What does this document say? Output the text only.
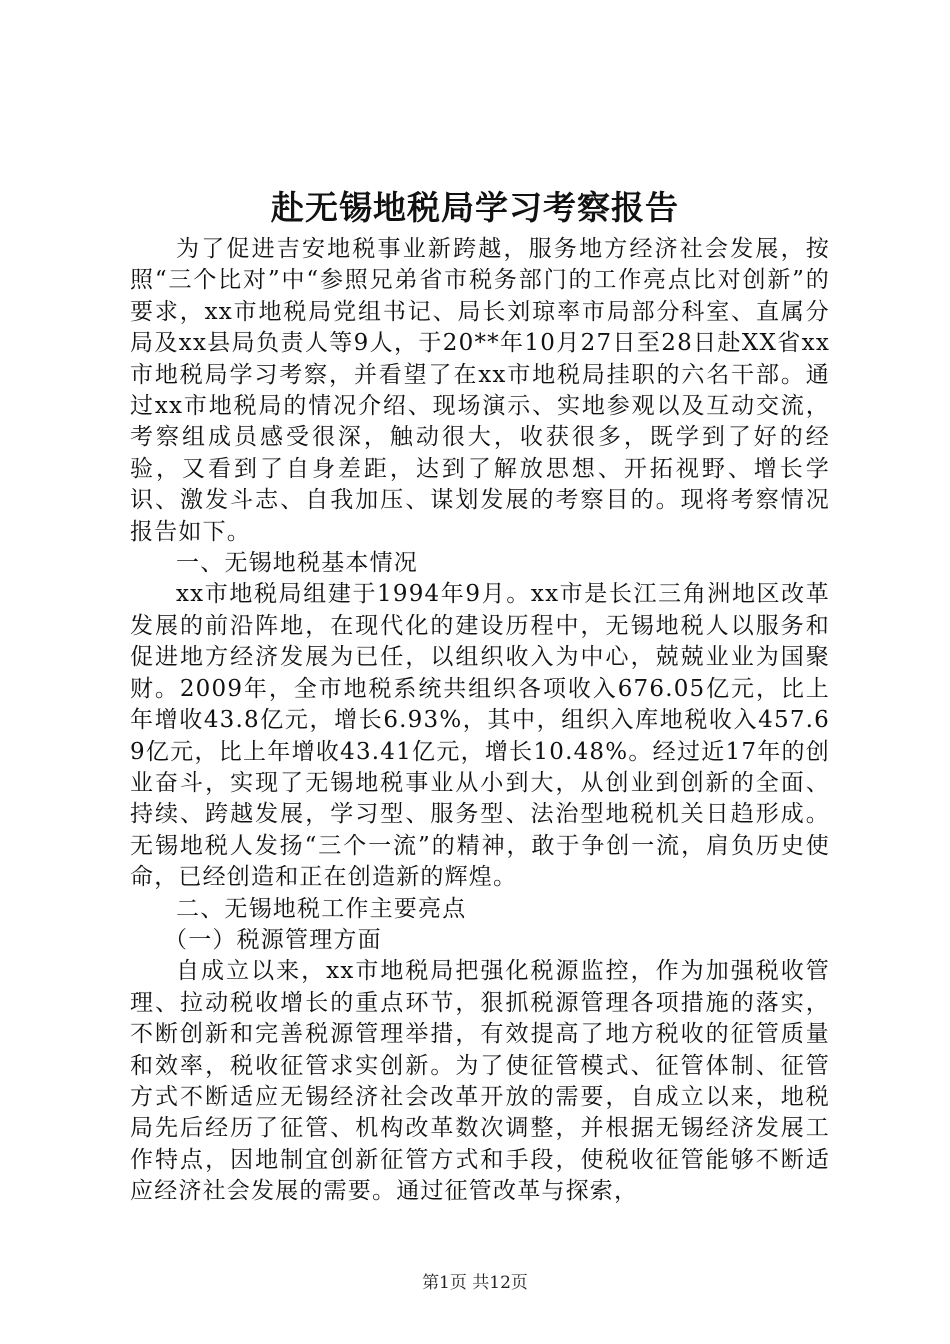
赴无锡地税局学习考察报告

为了促进吉安地税事业新跨越，服务地方经济社会发展，按照“三个比对”中“参照兄弟省市税务部门的工作亮点比对创新”的要求，xx市地税局党组书记、局长刘琼率市局部分科室、直属分局及xx县局负责人等9人，于20**年10月27日至28日赴XX省xx市地税局学习考察，并看望了在xx市地税局挂职的六名干部。通过xx市地税局的情况介绍、现场演示、实地参观以及互动交流，考察组成员感受很深，触动很大，收获很多，既学到了好的经验，又看到了自身差距，达到了解放思想、开拓视野、增长学识、激发斗志、自我加压、谋划发展的考察目的。现将考察情况报告如下。

一、无锡地税基本情况

xx市地税局组建于1994年9月。xx市是长江三角洲地区改革发展的前沿阵地，在现代化的建设历程中，无锡地税人以服务和促进地方经济发展为已任，以组织收入为中心，兢兢业业为国聚财。2009年，全市地税系统共组织各项收入676.05亿元，比上年增收43.8亿元，增长6.93%，其中，组织入库地税收入457.69亿元，比上年增收43.41亿元，增长10.48%。经过近17年的创业奋斗，实现了无锡地税事业从小到大，从创业到创新的全面、持续、跨越发展，学习型、服务型、法治型地税机关日趋形成。无锡地税人发扬“三个一流”的精神，敢于争创一流，肩负历史使命，已经创造和正在创造新的辉煌。

二、无锡地税工作主要亮点

（一）税源管理方面

自成立以来，xx市地税局把强化税源监控，作为加强税收管理、拉动税收增长的重点环节，狠抓税源管理各项措施的落实，不断创新和完善税源管理举措，有效提高了地方税收的征管质量和效率，税收征管求实创新。为了使征管模式、征管体制、征管方式不断适应无锡经济社会改革开放的需要，自成立以来，地税局先后经历了征管、机构改革数次调整，并根据无锡经济发展工作特点，因地制宜创新征管方式和手段，使税收征管能够不断适应经济社会发展的需要。通过征管改革与探索，

第1页 共12页
